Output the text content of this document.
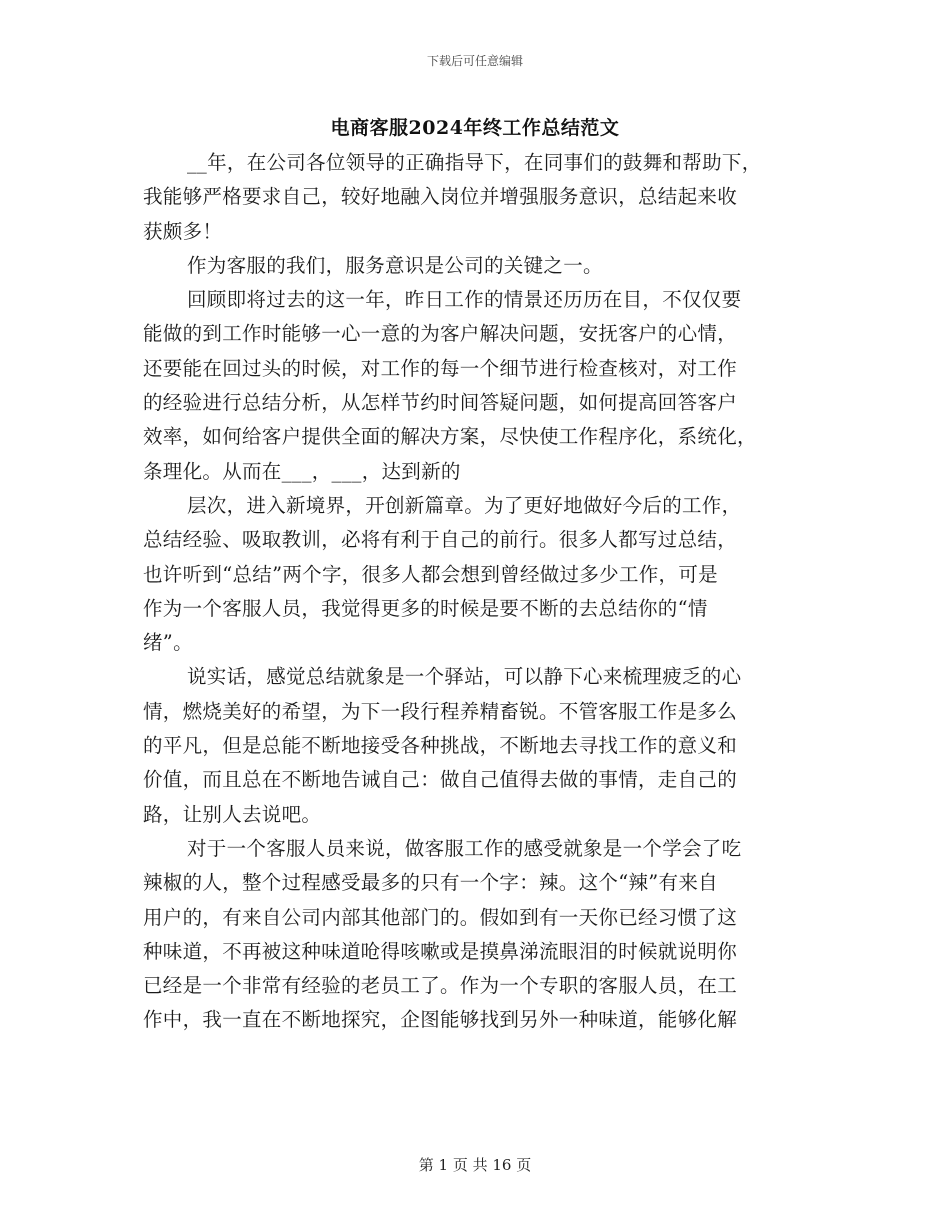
下载后可任意编辑
电商客服2024年终工作总结范文
__年，在公司各位领导的正确指导下，在同事们的鼓舞和帮助下，
我能够严格要求自己，较好地融入岗位并增强服务意识，总结起来收
获颇多！
作为客服的我们，服务意识是公司的关键之一。
回顾即将过去的这一年，昨日工作的情景还历历在目，不仅仅要
能做的到工作时能够一心一意的为客户解决问题，安抚客户的心情，
还要能在回过头的时候，对工作的每一个细节进行检查核对，对工作
的经验进行总结分析，从怎样节约时间答疑问题，如何提高回答客户
效率，如何给客户提供全面的解决方案，尽快使工作程序化，系统化，
条理化。从而在___，___，达到新的
层次，进入新境界，开创新篇章。为了更好地做好今后的工作，
总结经验、吸取教训，必将有利于自己的前行。很多人都写过总结，
也许听到“总结”两个字，很多人都会想到曾经做过多少工作，可是
作为一个客服人员，我觉得更多的时候是要不断的去总结你的“情
绪”。
说实话，感觉总结就象是一个驿站，可以静下心来梳理疲乏的心
情，燃烧美好的希望，为下一段行程养精畜锐。不管客服工作是多么
的平凡，但是总能不断地接受各种挑战，不断地去寻找工作的意义和
价值，而且总在不断地告诫自己：做自己值得去做的事情，走自己的
路，让别人去说吧。
对于一个客服人员来说，做客服工作的感受就象是一个学会了吃
辣椒的人，整个过程感受最多的只有一个字：辣。这个“辣”有来自
用户的，有来自公司内部其他部门的。假如到有一天你已经习惯了这
种味道，不再被这种味道呛得咳嗽或是摸鼻涕流眼泪的时候就说明你
已经是一个非常有经验的老员工了。作为一个专职的客服人员，在工
作中，我一直在不断地探究，企图能够找到另外一种味道，能够化解
第 1 页 共 16 页
